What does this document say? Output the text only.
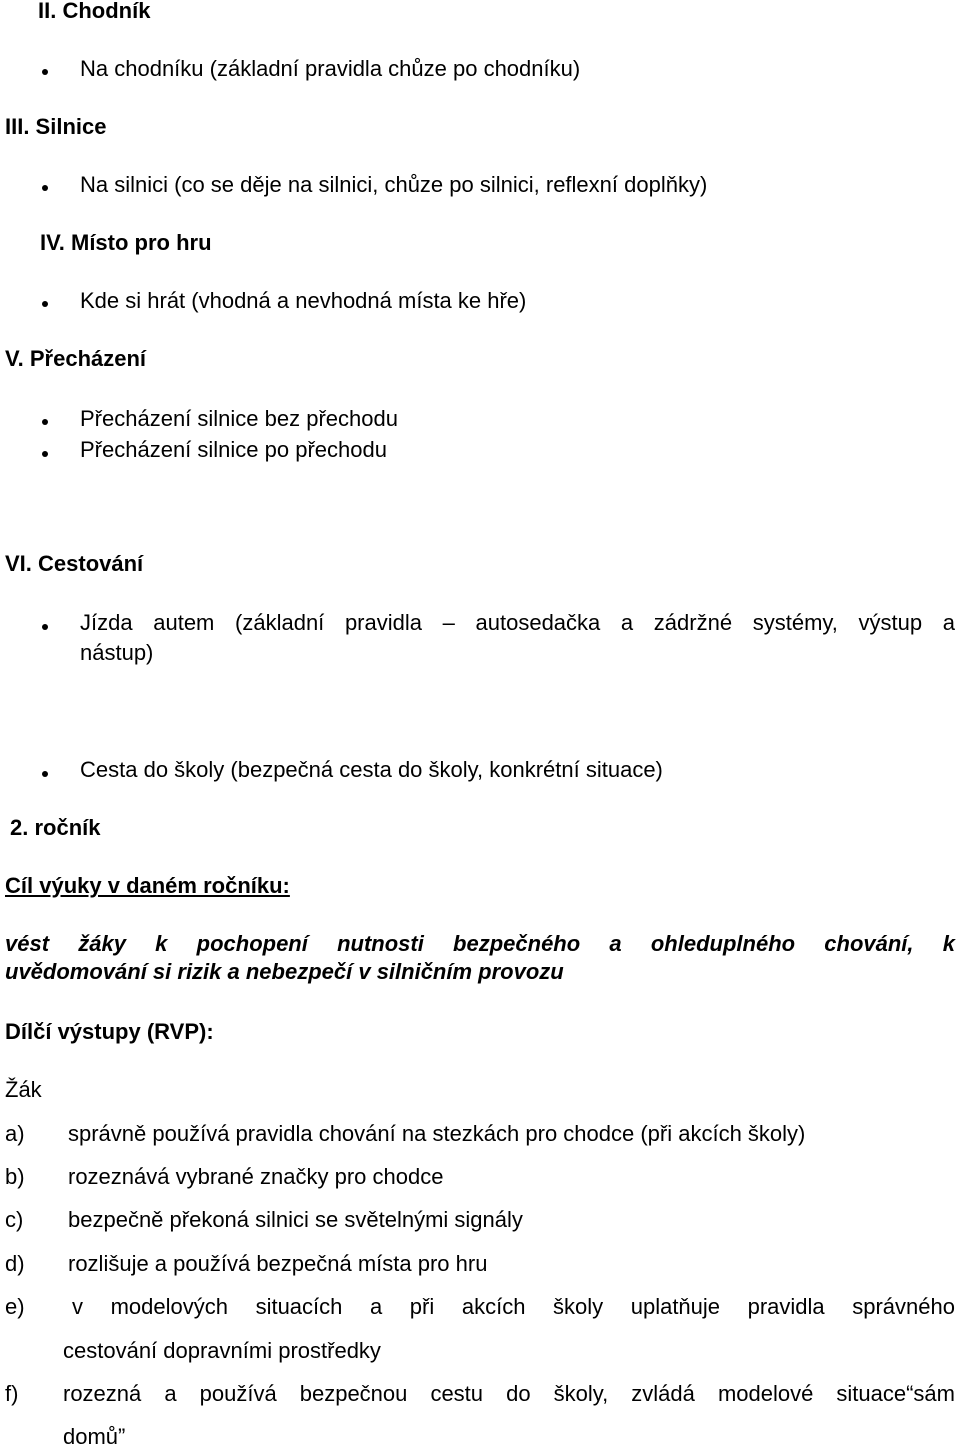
II. Chodník
Na chodníku (základní pravidla chůze po chodníku)
III. Silnice
Na silnici (co se děje na silnici, chůze po silnici, reflexní doplňky)
IV. Místo pro hru
Kde si hrát (vhodná a nevhodná místa ke hře)
V. Přecházení
Přecházení silnice bez přechodu
Přecházení silnice po přechodu
VI. Cestování
Jízda autem (základní pravidla – autosedačka a zádržné systémy, výstup a
nástup)
Cesta do školy (bezpečná cesta do školy, konkrétní situace)
2. ročník
Cíl výuky v daném ročníku:
vést žáky k pochopení nutnosti bezpečného a ohleduplného chování, k
uvědomování si rizik a nebezpečí v silničním provozu
Dílčí výstupy (RVP):
Žák
a) správně používá pravidla chování na stezkách pro chodce (při akcích školy)
b) rozeznává vybrané značky pro chodce
c) bezpečně překoná silnici se světelnými signály
d) rozlišuje a používá bezpečná místa pro hru
e) v modelových situacích a při akcích školy uplatňuje pravidla správného
cestování dopravními prostředky
f) rozezná a používá bezpečnou cestu do školy, zvládá modelové situace“sám
domů”
